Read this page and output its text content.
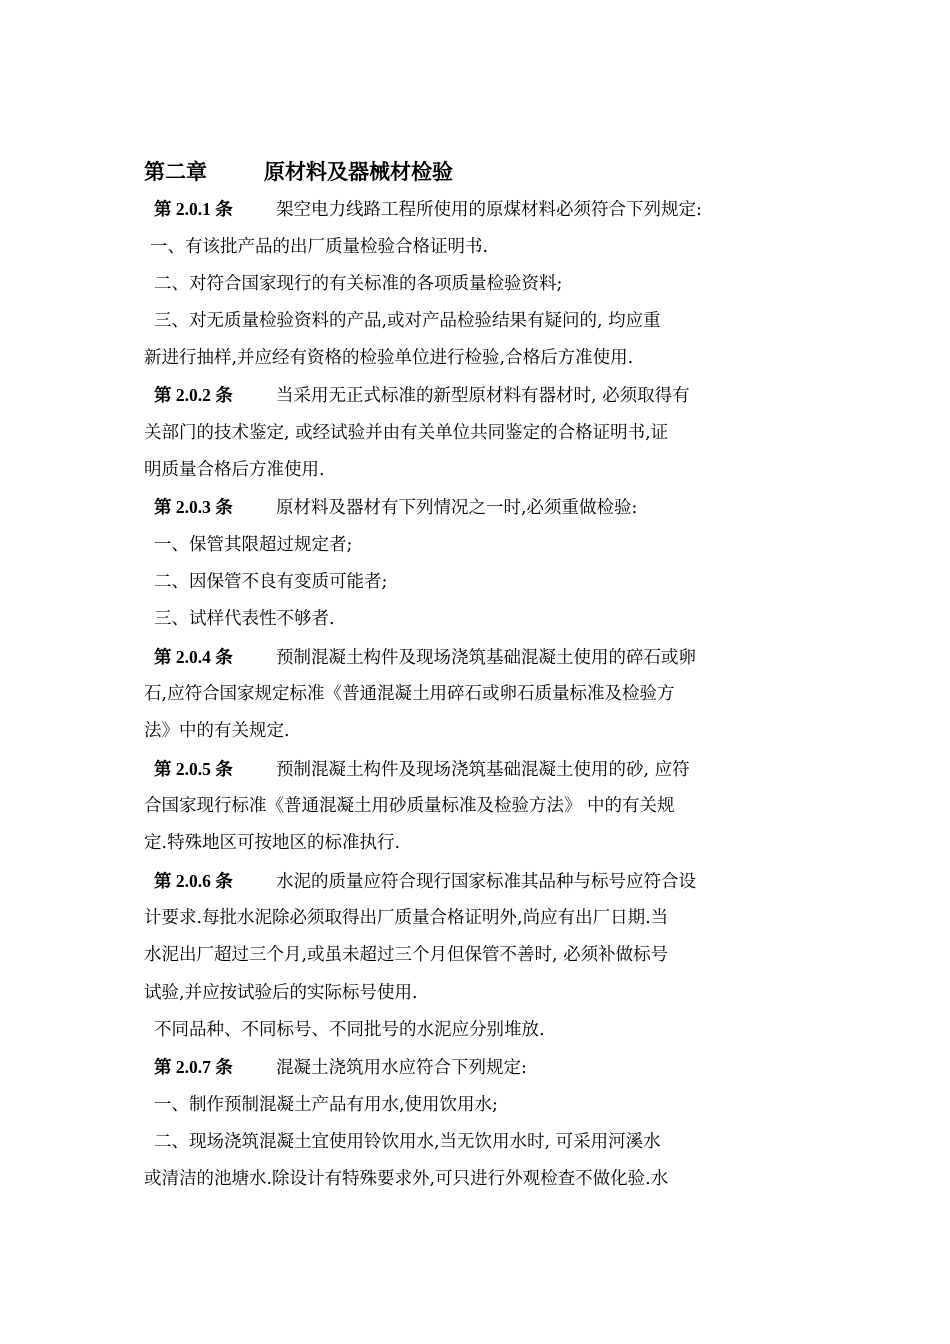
第二章	原材料及器械材检验
第 2.0.1 条 架空电力线路工程所使用的原煤材料必须符合下列规定:
一、有该批产品的出厂质量检验合格证明书.
二、对符合国家现行的有关标准的各项质量检验资料;
三、对无质量检验资料的产品,或对产品检验结果有疑问的, 均应重
新进行抽样,并应经有资格的检验单位进行检验,合格后方准使用.
第 2.0.2 条 当采用无正式标准的新型原材料有器材时, 必须取得有
关部门的技术鉴定, 或经试验并由有关单位共同鉴定的合格证明书,证
明质量合格后方准使用.
第 2.0.3 条 原材料及器材有下列情况之一时,必须重做检验:
一、保管其限超过规定者;
二、因保管不良有变质可能者;
三、试样代表性不够者.
第 2.0.4 条 预制混凝土构件及现场浇筑基础混凝土使用的碎石或卵
石,应符合国家规定标准《普通混凝土用碎石或卵石质量标准及检验方
法》中的有关规定.
第 2.0.5 条 预制混凝土构件及现场浇筑基础混凝土使用的砂, 应符
合国家现行标准《普通混凝土用砂质量标准及检验方法》 中的有关规
定.特殊地区可按地区的标准执行.
第 2.0.6 条 水泥的质量应符合现行国家标准其品种与标号应符合设
计要求.每批水泥除必须取得出厂质量合格证明外,尚应有出厂日期.当
水泥出厂超过三个月,或虽未超过三个月但保管不善时, 必须补做标号
试验,并应按试验后的实际标号使用.
不同品种、不同标号、不同批号的水泥应分别堆放.
第 2.0.7 条 混凝土浇筑用水应符合下列规定:
一、制作预制混凝土产品有用水,使用饮用水;
二、现场浇筑混凝土宜使用铃饮用水,当无饮用水时, 可采用河溪水
或清洁的池塘水.除设计有特殊要求外,可只进行外观检查不做化验.水
